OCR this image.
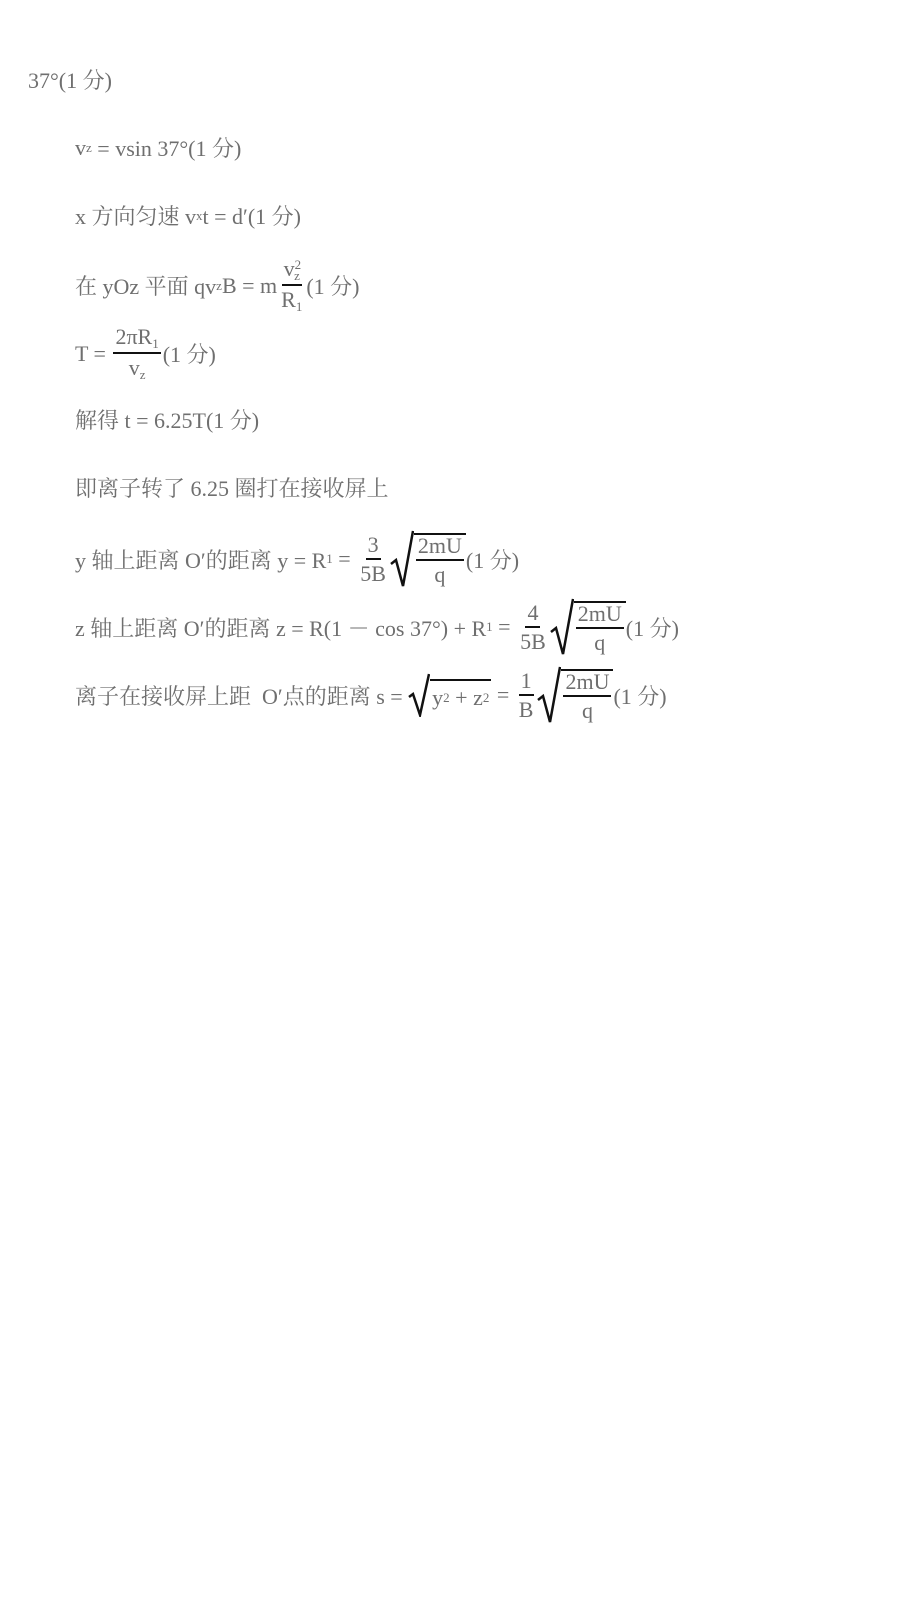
37°(1 分)
v z = vsin 37°(1 分)
x 方向匀速 v x t = d′(1 分)
在 yOz 平面 qv z B = m $\frac{v^2_z}{R_1} (1$ 分)
$T = \frac{2\pi R_1}{v_z} (1$ 分)
解得 t = 6.25T(1 分)
即离子转了 6.25 圈打在接收屏上
y 轴上距离 O′的距离 y = R $1 = \frac{3}{5B} \frac{2mU}{q} (1$ 分)
z 轴上距离 O′的距离 z = R(1 － cos 37°) + R $1 = \frac{4}{5B} \frac{2mU}{q} (1$ 分)
离子在接收屏上距  O′点的距离 s = y 2 + z $2 = \frac{1}{B} \frac{2mU}{q} (1$ 分)
